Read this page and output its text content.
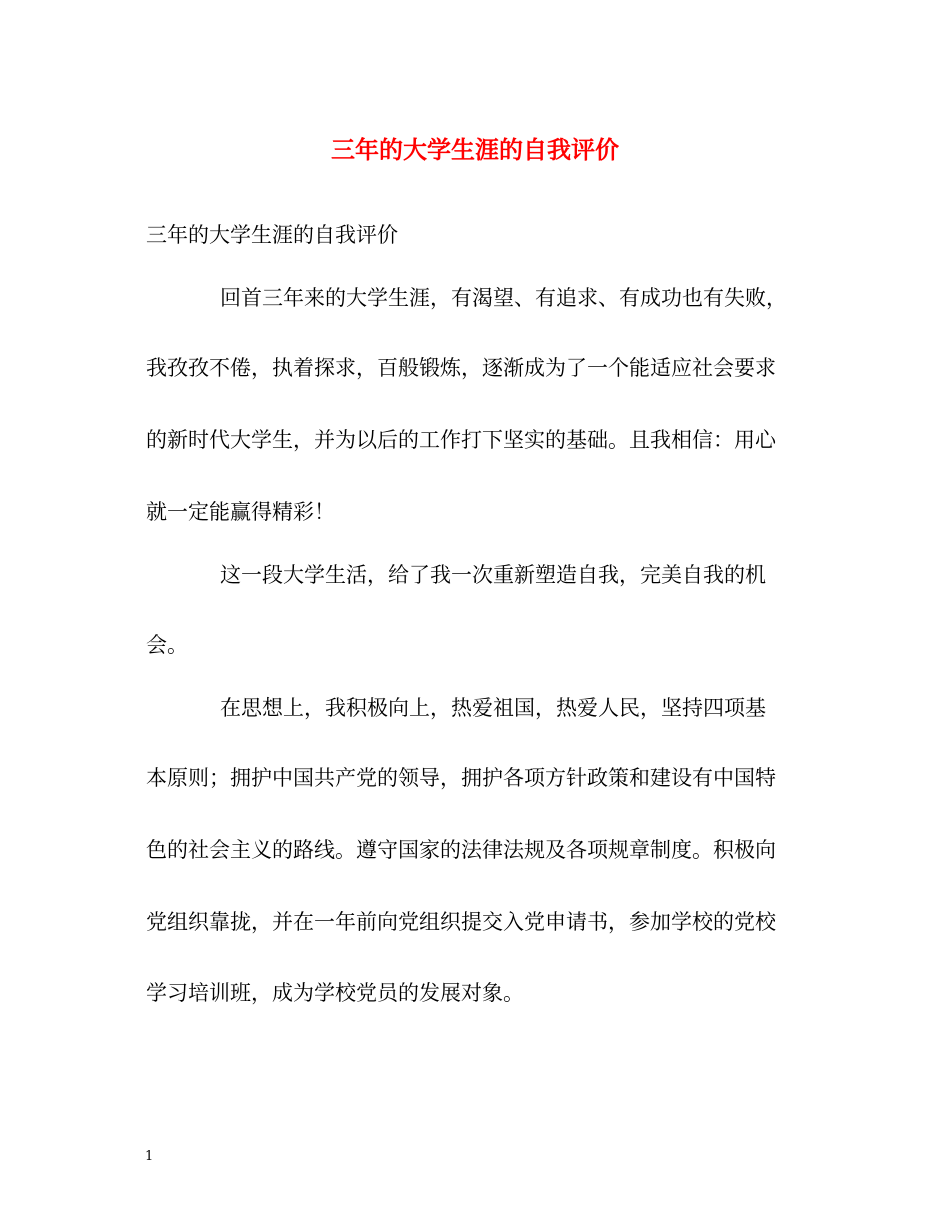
三年的大学生涯的自我评价
三年的大学生涯的自我评价
回首三年来的大学生涯，有渴望、有追求、有成功也有失败，
我孜孜不倦，执着探求，百般锻炼，逐渐成为了一个能适应社会要求
的新时代大学生，并为以后的工作打下坚实的基础。且我相信：用心
就一定能赢得精彩！
这一段大学生活，给了我一次重新塑造自我，完美自我的机
会。
在思想上，我积极向上，热爱祖国，热爱人民，坚持四项基
本原则；拥护中国共产党的领导，拥护各项方针政策和建设有中国特
色的社会主义的路线。遵守国家的法律法规及各项规章制度。积极向
党组织靠拢，并在一年前向党组织提交入党申请书，参加学校的党校
学习培训班，成为学校党员的发展对象。
1
